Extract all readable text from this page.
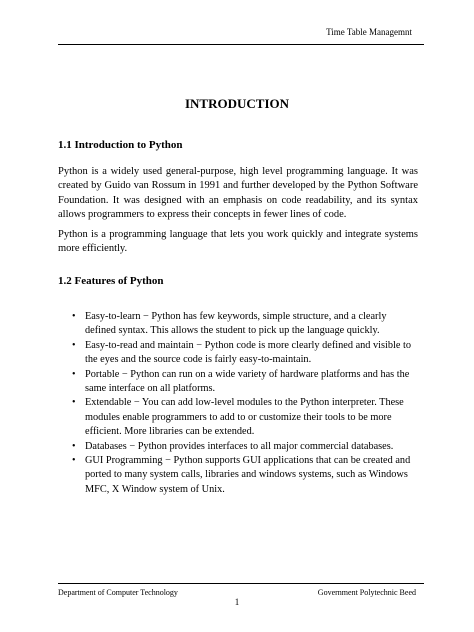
Time Table Managemnt
INTRODUCTION
1.1 Introduction to Python

Python is a widely used general-purpose, high level programming language. It was created by Guido van Rossum in 1991 and further developed by the Python Software Foundation. It was designed with an emphasis on code readability, and its syntax allows programmers to express their concepts in fewer lines of code.

Python is a programming language that lets you work quickly and integrate systems more efficiently.

1.2 Features of Python
• Easy-to-learn − Python has few keywords, simple structure, and a clearly defined syntax. This allows the student to pick up the language quickly.
• Easy-to-read and maintain − Python code is more clearly defined and visible to the eyes and the source code is fairly easy-to-maintain.
• Portable − Python can run on a wide variety of hardware platforms and has the same interface on all platforms.
• Extendable − You can add low-level modules to the Python interpreter. These modules enable programmers to add to or customize their tools to be more efficient. More libraries can be extended.
• Databases − Python provides interfaces to all major commercial databases.
• GUI Programming − Python supports GUI applications that can be created and ported to many system calls, libraries and windows systems, such as Windows MFC, X Window system of Unix.
Department of Computer Technology	Government Polytechnic Beed
1
